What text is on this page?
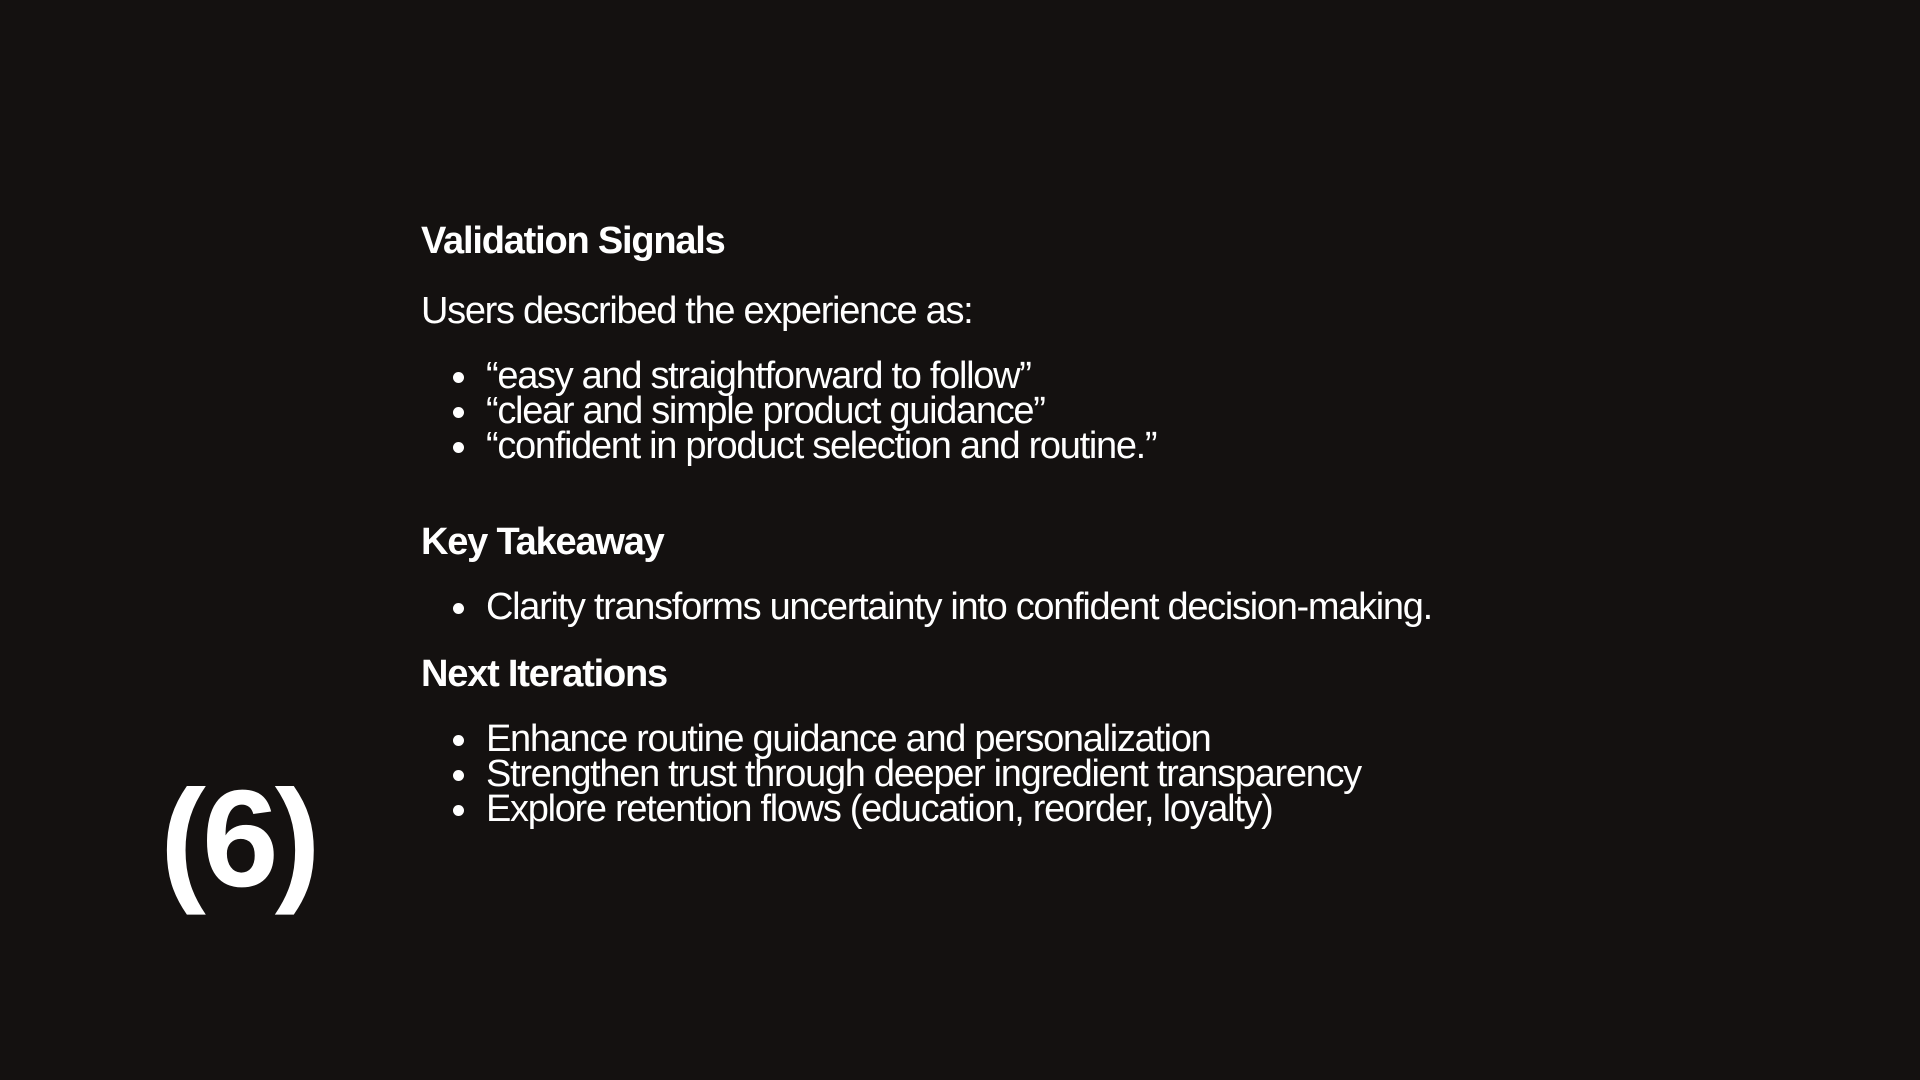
(6)
Validation Signals

Users described the experience as:

“easy and straightforward to follow”
“clear and simple product guidance”
“confident in product selection and routine.”
Key Takeaway
Clarity transforms uncertainty into confident decision-making.
Next Iterations
Enhance routine guidance and personalization
Strengthen trust through deeper ingredient transparency
Explore retention flows (education, reorder, loyalty)
